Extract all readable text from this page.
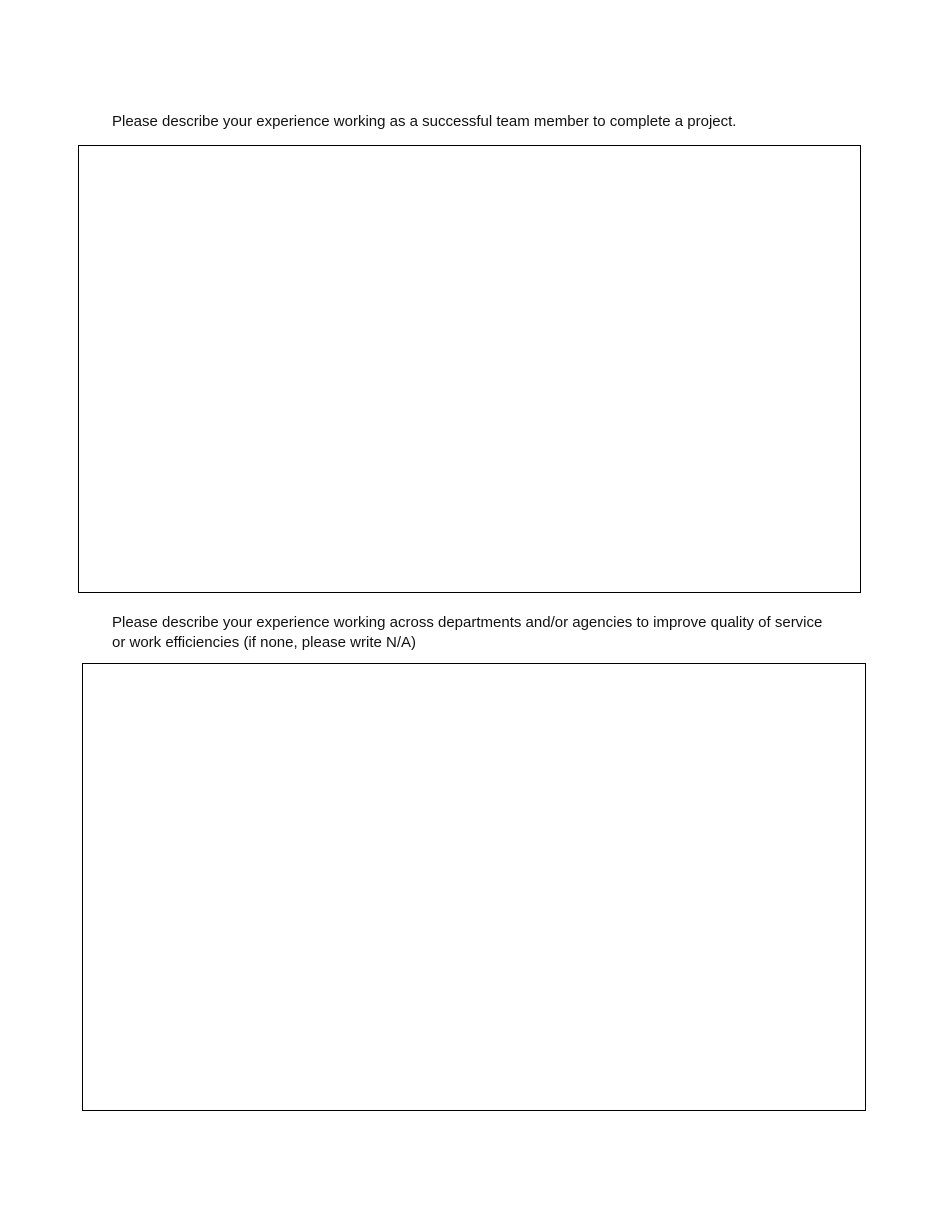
Please describe your experience working as a successful team member to complete a project.

Please describe your experience working across departments and/or agencies to improve quality of service or work efficiencies (if none, please write N/A)
